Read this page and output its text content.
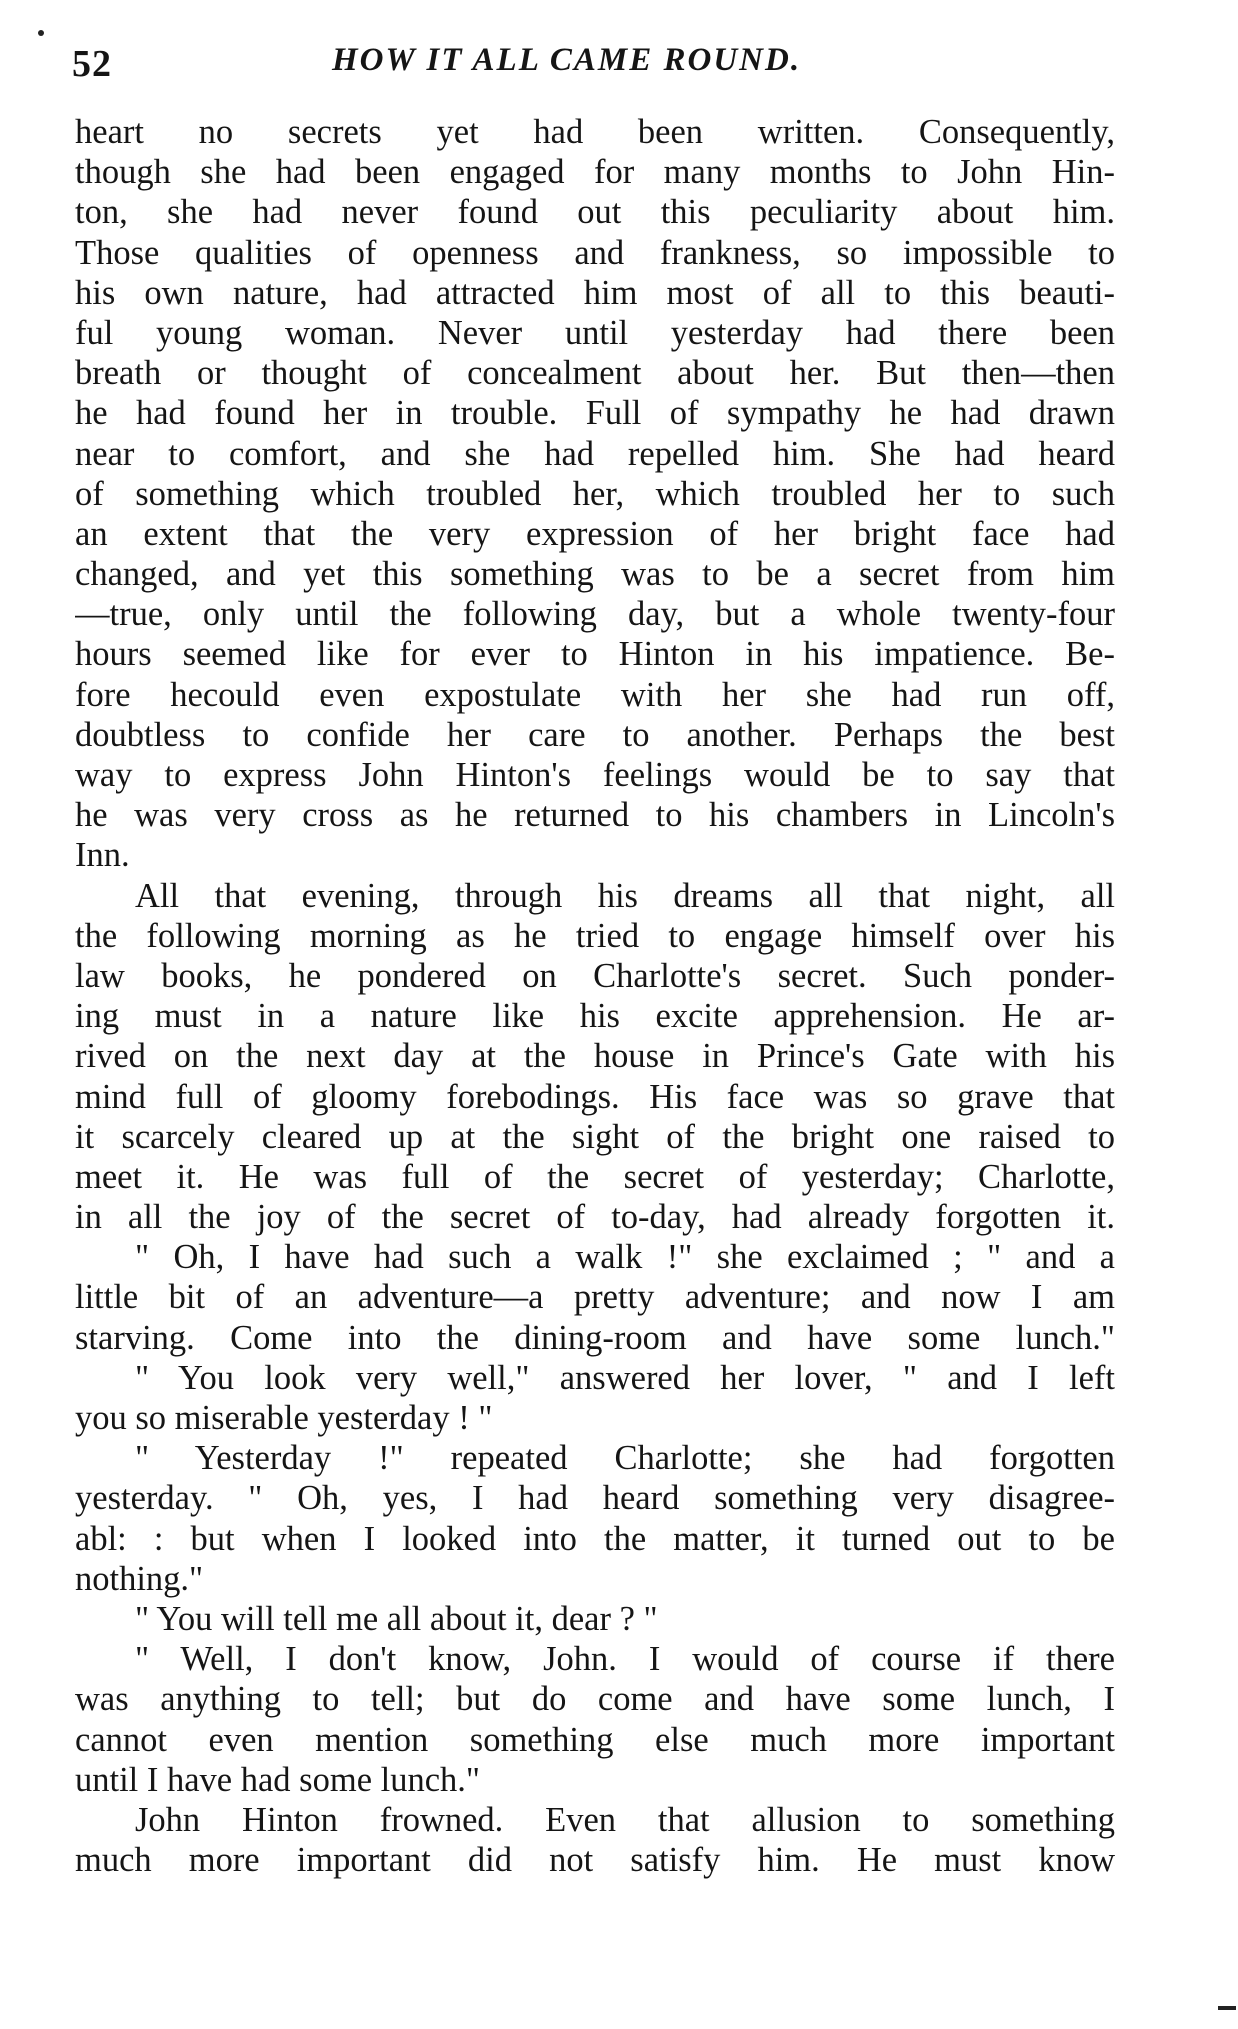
52	HOW IT ALL CAME ROUND.
heart no secrets yet had been written. Consequently,
though she had been engaged for many months to John Hin-
ton, she had never found out this peculiarity about him.
Those qualities of openness and frankness, so impossible to
his own nature, had attracted him most of all to this beauti-
ful young woman. Never until yesterday had there been
breath or thought of concealment about her. But then—then
he had found her in trouble. Full of sympathy he had drawn
near to comfort, and she had repelled him. She had heard
of something which troubled her, which troubled her to such
an extent that the very expression of her bright face had
changed, and yet this something was to be a secret from him
—true, only until the following day, but a whole twenty-four
hours seemed like for ever to Hinton in his impatience. Be-
fore hecould even expostulate with her she had run off,
doubtless to confide her care to another. Perhaps the best
way to express John Hinton's feelings would be to say that
he was very cross as he returned to his chambers in Lincoln's
Inn.
All that evening, through his dreams all that night, all
the following morning as he tried to engage himself over his
law books, he pondered on Charlotte's secret. Such ponder-
ing must in a nature like his excite apprehension. He ar-
rived on the next day at the house in Prince's Gate with his
mind full of gloomy forebodings. His face was so grave that
it scarcely cleared up at the sight of the bright one raised to
meet it. He was full of the secret of yesterday; Charlotte,
in all the joy of the secret of to-day, had already forgotten it.
" Oh, I have had such a walk !" she exclaimed ; " and a
little bit of an adventure—a pretty adventure; and now I am
starving. Come into the dining-room and have some lunch."
" You look very well," answered her lover, " and I left
you so miserable yesterday ! "
" Yesterday !" repeated Charlotte; she had forgotten
yesterday. " Oh, yes, I had heard something very disagree-
abl: : but when I looked into the matter, it turned out to be
nothing."
" You will tell me all about it, dear ? "
" Well, I don't know, John. I would of course if there
was anything to tell; but do come and have some lunch, I
cannot even mention something else much more important
until I have had some lunch."
John Hinton frowned. Even that allusion to something
much more important did not satisfy him. He must know
